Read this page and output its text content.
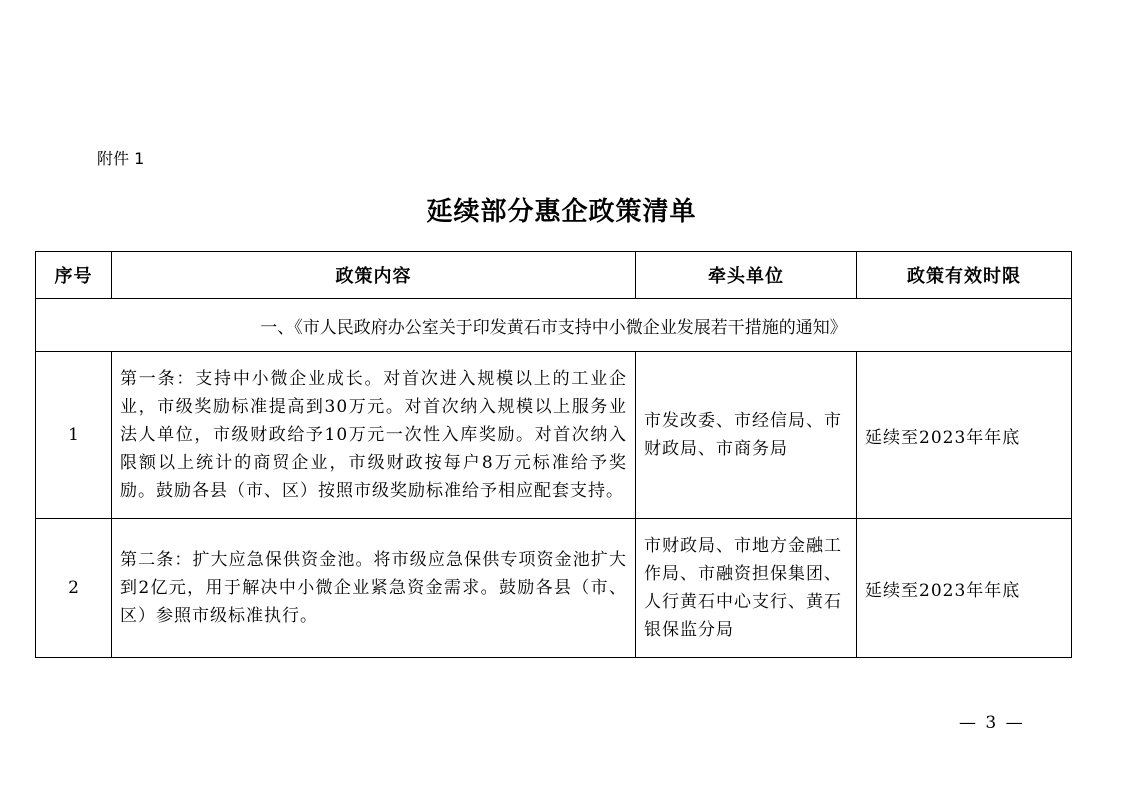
附件 1
延续部分惠企政策清单
序号	政策内容	牵头单位	政策有效时限
一、《市人民政府办公室关于印发黄石市支持中小微企业发展若干措施的通知》			
1	第一条：支持中小微企业成长。对首次进入规模以上的工业企业，市级奖励标准提高到30万元。对首次纳入规模以上服务业法人单位，市级财政给予10万元一次性入库奖励。对首次纳入限额以上统计的商贸企业，市级财政按每户8万元标准给予奖励。鼓励各县（市、区）按照市级奖励标准给予相应配套支持。	市发改委、市经信局、市财政局、市商务局	延续至2023年年底
2	第二条：扩大应急保供资金池。将市级应急保供专项资金池扩大到2亿元，用于解决中小微企业紧急资金需求。鼓励各县（市、区）参照市级标准执行。	市财政局、市地方金融工作局、市融资担保集团、人行黄石中心支行、黄石银保监分局	延续至2023年年底
— 3 —
